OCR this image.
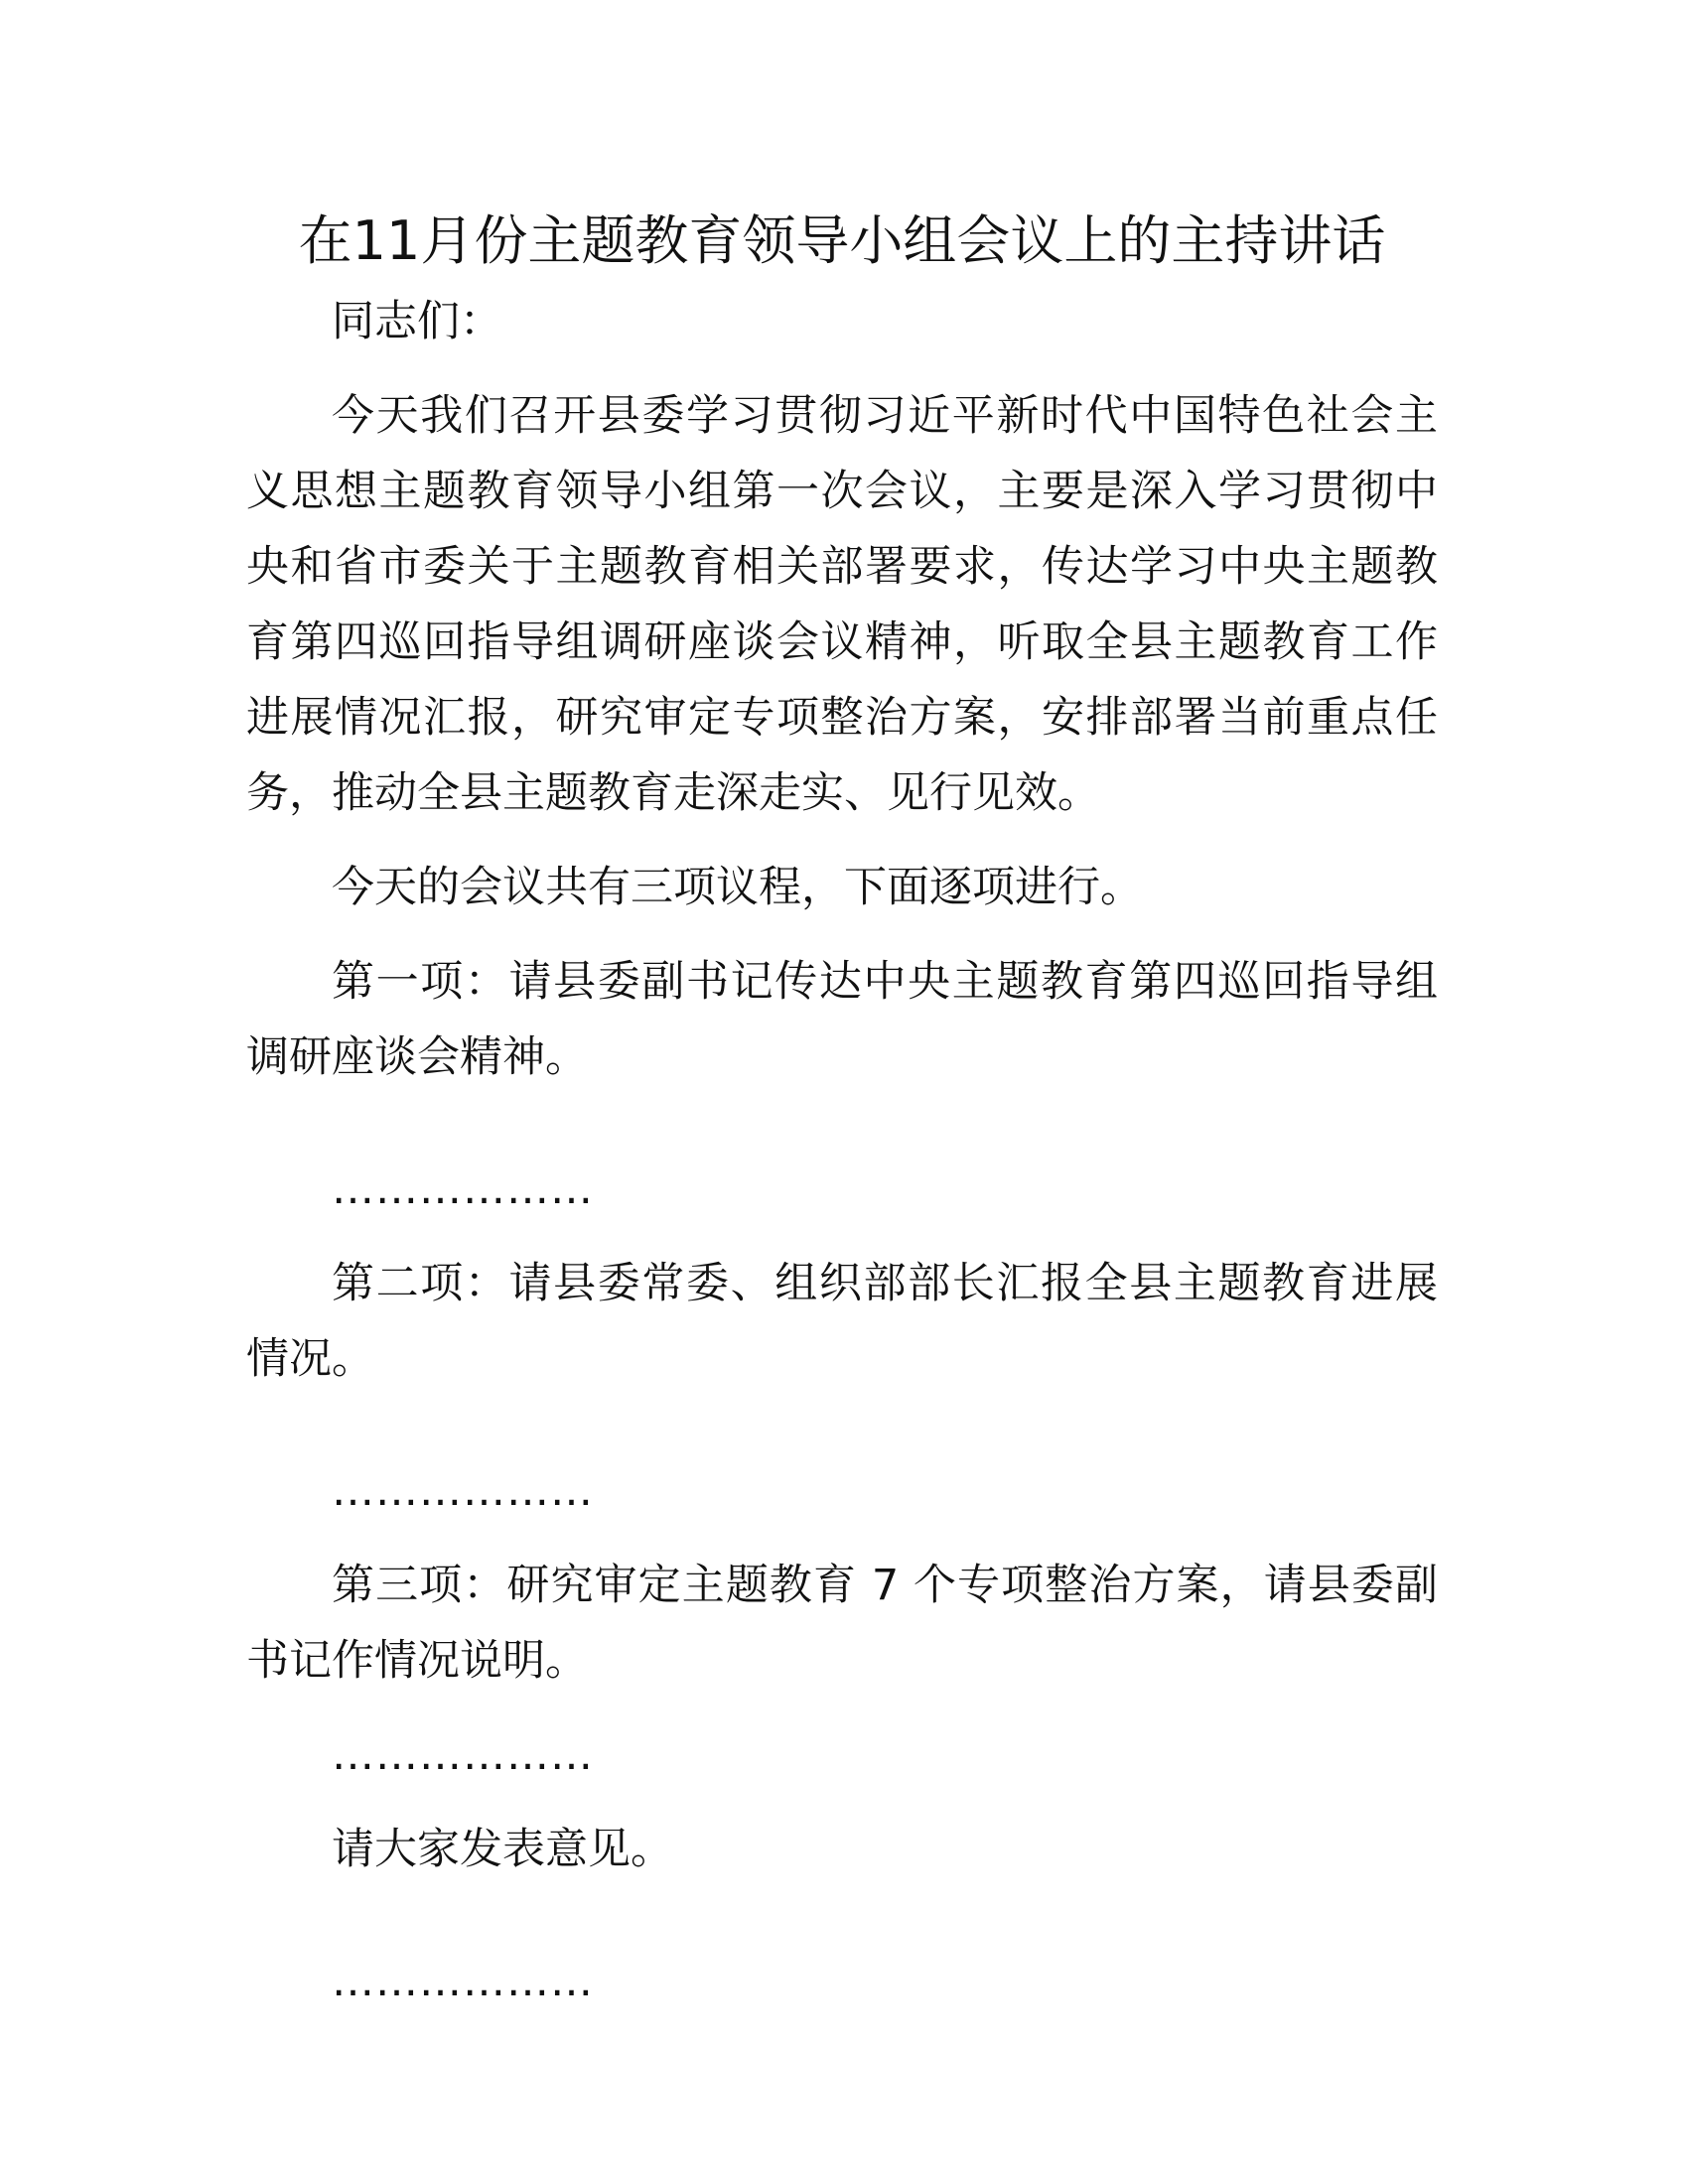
在11月份主题教育领导小组会议上的主持讲话

同志们：

今天我们召开县委学习贯彻习近平新时代中国特色社会主义思想主题教育领导小组第一次会议，主要是深入学习贯彻中央和省市委关于主题教育相关部署要求，传达学习中央主题教育第四巡回指导组调研座谈会议精神，听取全县主题教育工作进展情况汇报，研究审定专项整治方案，安排部署当前重点任务，推动全县主题教育走深走实、见行见效。

今天的会议共有三项议程，下面逐项进行。

第一项：请县委副书记传达中央主题教育第四巡回指导组调研座谈会精神。

………………

第二项：请县委常委、组织部部长汇报全县主题教育进展情况。

………………

第三项：研究审定主题教育 7 个专项整治方案，请县委副书记作情况说明。

………………

请大家发表意见。

………………
